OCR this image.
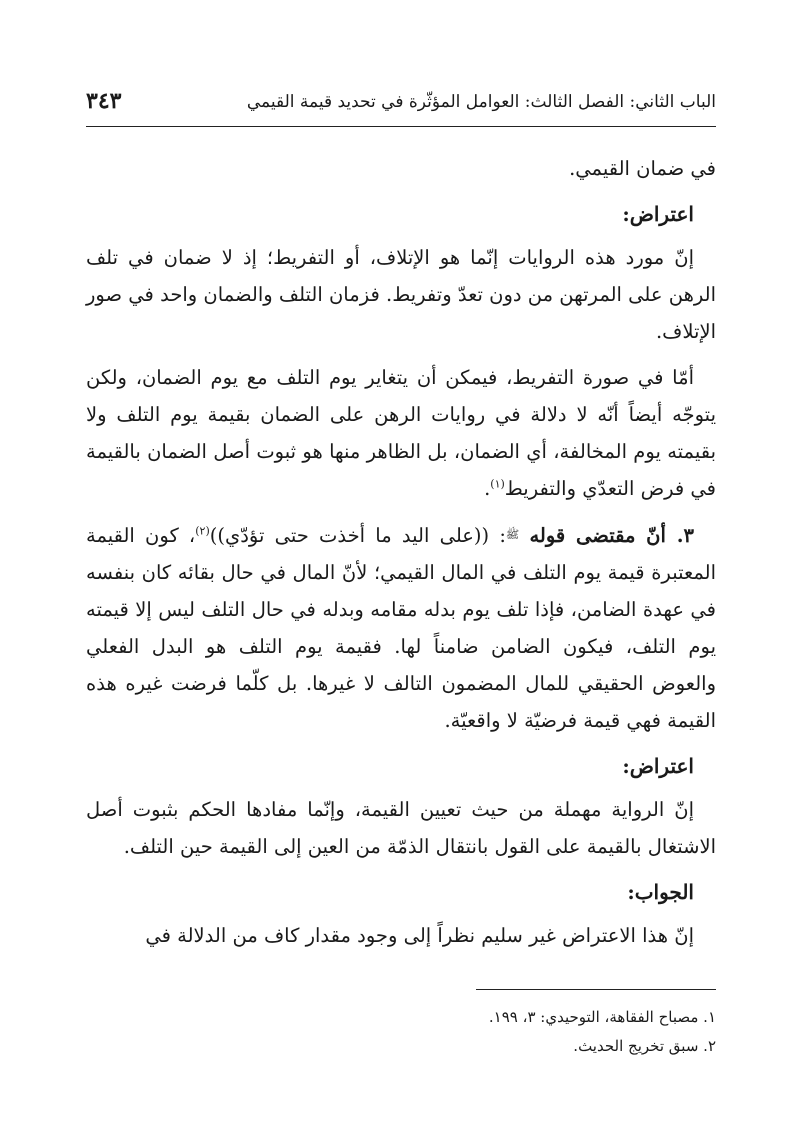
الباب الثاني: الفصل الثالث: العوامل المؤثّرة في تحديد قيمة القيمي
٣٤٣

في ضمان القيمي.

اعتراض:

إنّ مورد هذه الروايات إنّما هو الإتلاف، أو التفريط؛ إذ لا ضمان في تلف الرهن على المرتهن من دون تعدّ وتفريط. فزمان التلف والضمان واحد في صور الإتلاف.

أمّا في صورة التفريط، فيمكن أن يتغاير يوم التلف مع يوم الضمان، ولكن يتوجّه أيضاً أنّه لا دلالة في روايات الرهن على الضمان بقيمة يوم التلف ولا بقيمته يوم المخالفة، أي الضمان، بل الظاهر منها هو ثبوت أصل الضمان بالقيمة في فرض التعدّي والتفريط$^{(١)}$.

٣. أنّ مقتضى قوله $^ﷺ$: ((على اليد ما أخذت حتى تؤدّي))$^{(٢)}$، كون القيمة المعتبرة قيمة يوم التلف في المال القيمي؛ لأنّ المال في حال بقائه كان بنفسه في عهدة الضامن، فإذا تلف يوم بدله مقامه وبدله في حال التلف ليس إلا قيمته يوم التلف، فيكون الضامن ضامناً لها. فقيمة يوم التلف هو البدل الفعلي والعوض الحقيقي للمال المضمون التالف لا غيرها. بل كلّما فرضت غيره هذه القيمة فهي قيمة فرضيّة لا واقعيّة.

اعتراض:

إنّ الرواية مهملة من حيث تعيين القيمة، وإنّما مفادها الحكم بثبوت أصل الاشتغال بالقيمة على القول بانتقال الذمّة من العين إلى القيمة حين التلف.

الجواب:

إنّ هذا الاعتراض غير سليم نظراً إلى وجود مقدار كاف من الدلالة في

١. مصباح الفقاهة، التوحيدي: ٣، ١٩٩.
٢. سبق تخريج الحديث.
